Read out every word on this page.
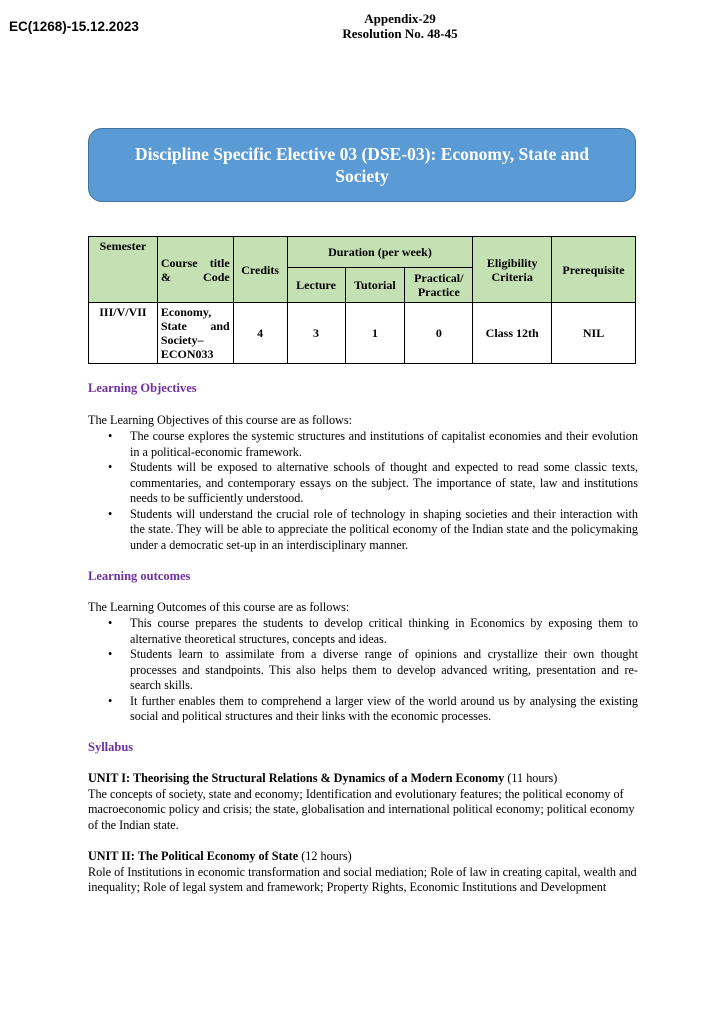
EC(1268)-15.12.2023
Appendix-29
Resolution No. 48-45
Discipline Specific Elective 03 (DSE-03): Economy, State and Society
Semester	Course title & Code	Credits	Duration (per week)			Eligibility Criteria	Prerequisite
			Lecture	Tutorial	Practical/ Practice		
III/V/VII	Economy, State and Society– ECON033	4	3	1	0	Class 12th	NIL
Learning Objectives
The Learning Objectives of this course are as follows:
• The course explores the systemic structures and institutions of capitalist economies and their evolution in a political-economic framework.
• Students will be exposed to alternative schools of thought and expected to read some classic texts, commentaries, and contemporary essays on the subject. The importance of state, law and institutions needs to be sufficiently understood.
• Students will understand the crucial role of technology in shaping societies and their interaction with the state. They will be able to appreciate the political economy of the Indian state and the policymaking under a democratic set-up in an interdisciplinary manner.
Learning outcomes
The Learning Outcomes of this course are as follows:
• This course prepares the students to develop critical thinking in Economics by exposing them to alternative theoretical structures, concepts and ideas.
• Students learn to assimilate from a diverse range of opinions and crystallize their own thought processes and standpoints. This also helps them to develop advanced writing, presentation and re- search skills.
• It further enables them to comprehend a larger view of the world around us by analysing the existing social and political structures and their links with the economic processes.
Syllabus
UNIT I: Theorising the Structural Relations & Dynamics of a Modern Economy (11 hours)
The concepts of society, state and economy; Identification and evolutionary features; the political economy of macroeconomic policy and crisis; the state, globalisation and international political economy; political economy of the Indian state.
UNIT II: The Political Economy of State (12 hours)
Role of Institutions in economic transformation and social mediation; Role of law in creating capital, wealth and inequality; Role of legal system and framework; Property Rights, Economic Institutions and Development
